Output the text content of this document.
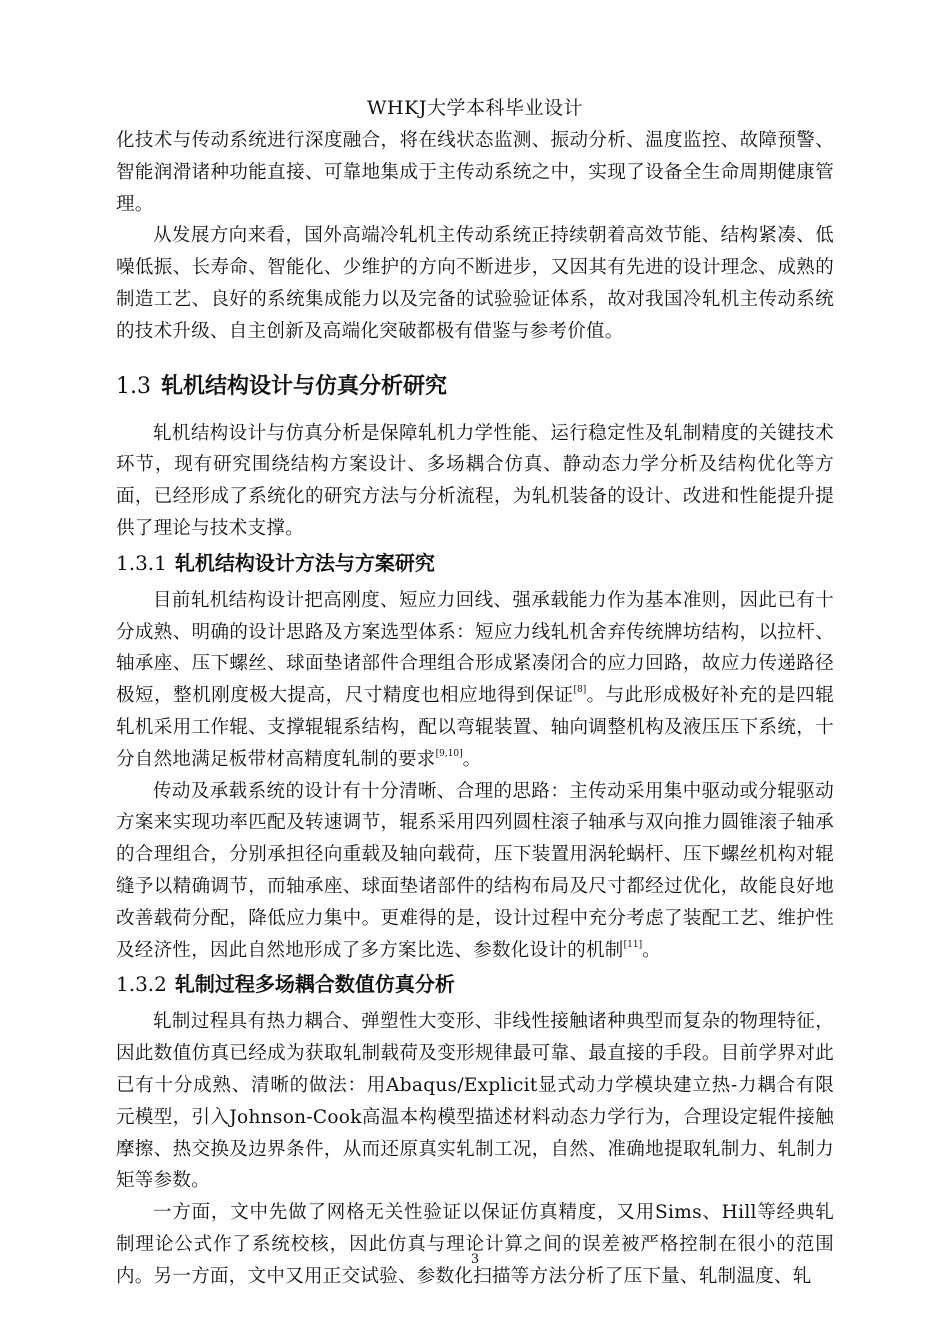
WHKJ大学本科毕业设计

化技术与传动系统进行深度融合，将在线状态监测、振动分析、温度监控、故障预警、智能润滑诸种功能直接、可靠地集成于主传动系统之中，实现了设备全生命周期健康管理。

从发展方向来看，国外高端冷轧机主传动系统正持续朝着高效节能、结构紧凑、低噪低振、长寿命、智能化、少维护的方向不断进步，又因其有先进的设计理念、成熟的制造工艺、良好的系统集成能力以及完备的试验验证体系，故对我国冷轧机主传动系统的技术升级、自主创新及高端化突破都极有借鉴与参考价值。

1.3 轧机结构设计与仿真分析研究

轧机结构设计与仿真分析是保障轧机力学性能、运行稳定性及轧制精度的关键技术环节，现有研究围绕结构方案设计、多场耦合仿真、静动态力学分析及结构优化等方面，已经形成了系统化的研究方法与分析流程，为轧机装备的设计、改进和性能提升提供了理论与技术支撑。

1.3.1 轧机结构设计方法与方案研究

目前轧机结构设计把高刚度、短应力回线、强承载能力作为基本准则，因此已有十分成熟、明确的设计思路及方案选型体系：短应力线轧机舍弃传统牌坊结构，以拉杆、轴承座、压下螺丝、球面垫诸部件合理组合形成紧凑闭合的应力回路，故应力传递路径极短，整机刚度极大提高，尺寸精度也相应地得到保证[8]。与此形成极好补充的是四辊轧机采用工作辊、支撑辊辊系结构，配以弯辊装置、轴向调整机构及液压压下系统，十分自然地满足板带材高精度轧制的要求[9,10]。

传动及承载系统的设计有十分清晰、合理的思路：主传动采用集中驱动或分辊驱动方案来实现功率匹配及转速调节，辊系采用四列圆柱滚子轴承与双向推力圆锥滚子轴承的合理组合，分别承担径向重载及轴向载荷，压下装置用涡轮蜗杆、压下螺丝机构对辊缝予以精确调节，而轴承座、球面垫诸部件的结构布局及尺寸都经过优化，故能良好地改善载荷分配，降低应力集中。更难得的是，设计过程中充分考虑了装配工艺、维护性及经济性，因此自然地形成了多方案比选、参数化设计的机制[11]。

1.3.2 轧制过程多场耦合数值仿真分析

轧制过程具有热力耦合、弹塑性大变形、非线性接触诸种典型而复杂的物理特征，因此数值仿真已经成为获取轧制载荷及变形规律最可靠、最直接的手段。目前学界对此已有十分成熟、清晰的做法：用Abaqus/Explicit显式动力学模块建立热-力耦合有限元模型，引入Johnson-Cook高温本构模型描述材料动态力学行为，合理设定辊件接触摩擦、热交换及边界条件，从而还原真实轧制工况，自然、准确地提取轧制力、轧制力矩等参数。

一方面，文中先做了网格无关性验证以保证仿真精度，又用Sims、Hill等经典轧制理论公式作了系统校核，因此仿真与理论计算之间的误差被严格控制在很小的范围内。另一方面，文中又用正交试验、参数化扫描等方法分析了压下量、轧制温度、轧

3
